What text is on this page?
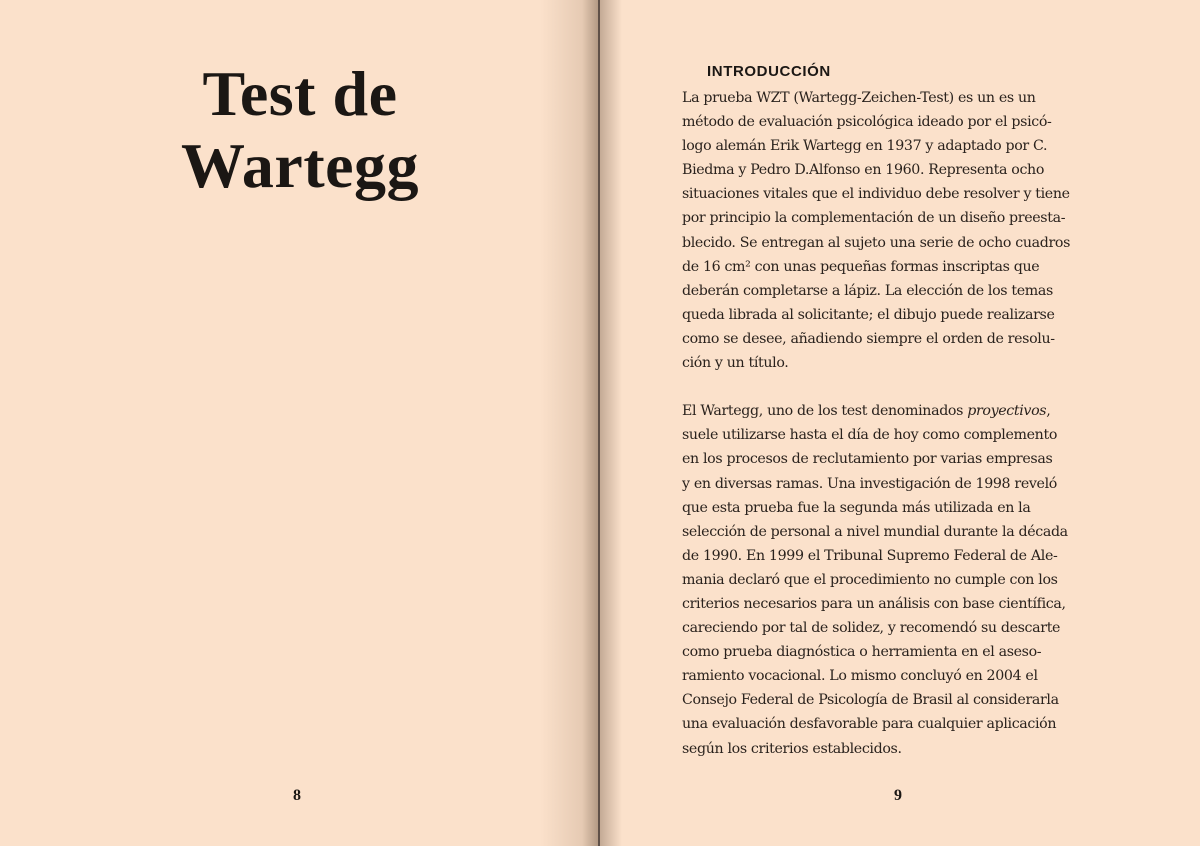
Test de
Wartegg
8
INTRODUCCIÓN

La prueba WZT (Wartegg-Zeichen-Test) es un es un
método de evaluación psicológica ideado por el psicó-
logo alemán Erik Wartegg en 1937 y adaptado por C.
Biedma y Pedro D.Alfonso en 1960. Representa ocho
situaciones vitales que el individuo debe resolver y tiene
por principio la complementación de un diseño preesta-
blecido. Se entregan al sujeto una serie de ocho cuadros
de 16 cm² con unas pequeñas formas inscriptas que
deberán completarse a lápiz. La elección de los temas
queda librada al solicitante; el dibujo puede realizarse
como se desee, añadiendo siempre el orden de resolu-
ción y un título.

El Wartegg, uno de los test denominados proyectivos,
suele utilizarse hasta el día de hoy como complemento
en los procesos de reclutamiento por varias empresas
y en diversas ramas. Una investigación de 1998 reveló
que esta prueba fue la segunda más utilizada en la
selección de personal a nivel mundial durante la década
de 1990. En 1999 el Tribunal Supremo Federal de Ale-
mania declaró que el procedimiento no cumple con los
criterios necesarios para un análisis con base científica,
careciendo por tal de solidez, y recomendó su descarte
como prueba diagnóstica o herramienta en el aseso-
ramiento vocacional. Lo mismo concluyó en 2004 el
Consejo Federal de Psicología de Brasil al considerarla
una evaluación desfavorable para cualquier aplicación
según los criterios establecidos.

9
